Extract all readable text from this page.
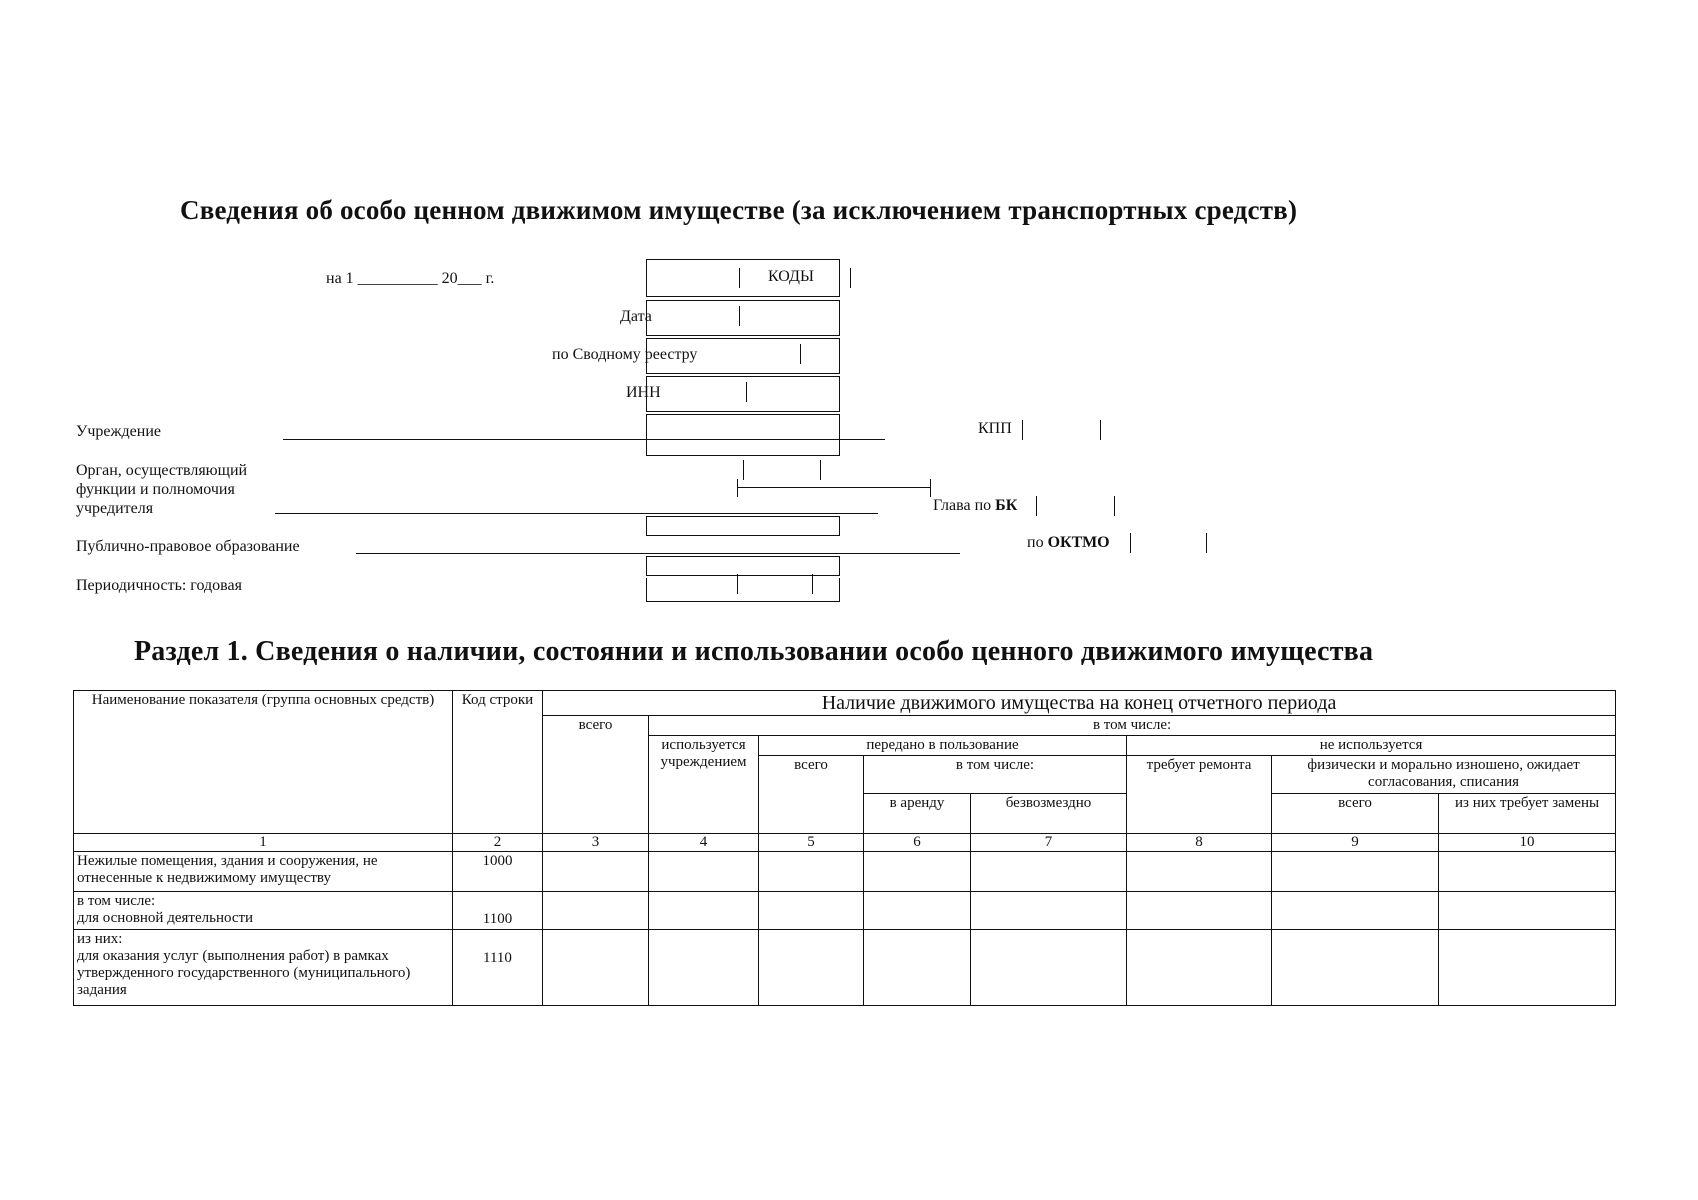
Сведения об особо ценном движимом имуществе (за исключением транспортных средств)
на 1 __________ 20___ г.	КОДЫ
Дата
по Сводному реестру
ИНН
Учреждение	КПП
Орган, осуществляющий
функции и полномочия
учредителя	Глава по БК
Публично-правовое образование	по ОКТМО
Периодичность: годовая
Раздел 1. Сведения о наличии, состоянии и использовании особо ценного движимого имущества
Наименование показателя (группа основных средств)	Код строки	Наличие движимого имущества на конец отчетного периода							
		всего	в том числе:						
			используется учреждением	передано в пользование			не используется		
				всего	в том числе:		требует ремонта	физически и морально изношено, ожидает согласования, списания	
					в аренду	безвозмездно		всего	из них требует замены
1	2	3	4	5	6	7	8	9	10
Нежилые помещения, здания и сооружения, не отнесенные к недвижимому имуществу	1000								

в том числе:
для основной деятельности	1100								

из них:
для оказания услуг (выполнения работ) в рамках утвержденного государственного (муниципального) задания	1110								
